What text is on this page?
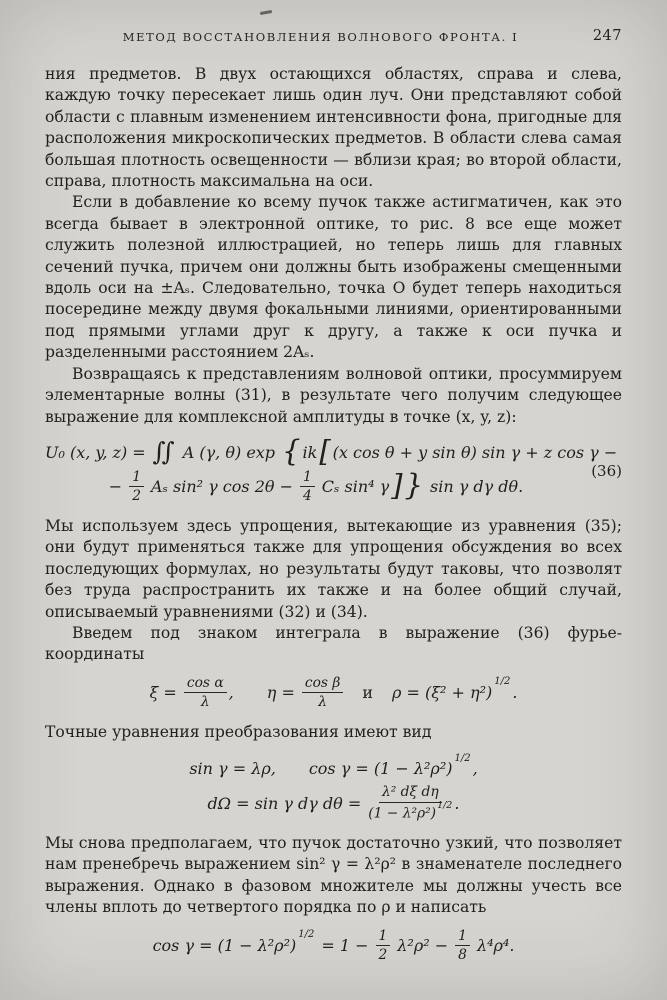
МЕТОД ВОССТАНОВЛЕНИЯ ВОЛНОВОГО ФРОНТА. I	247

ния предметов. В двух остающихся областях, справа и слева, каждую точку пересекает лишь один луч. Они представляют собой области с плавным изменением интенсивности фона, пригодные для расположения микроскопических предметов. В области слева самая большая плотность освещенности — вблизи края; во второй области, справа, плотность максимальна на оси.

Если в добавление ко всему пучок также астигматичен, как это всегда бывает в электронной оптике, то рис. 8 все еще может служить полезной иллюстрацией, но теперь лишь для главных сечений пучка, причем они должны быть изображены смещенными вдоль оси на ±Aₛ. Следовательно, точка O будет теперь находиться посередине между двумя фокальными линиями, ориентированными под прямыми углами друг к другу, а также к оси пучка и разделенными расстоянием 2Aₛ.

Возвращаясь к представлениям волновой оптики, просуммируем элементарные волны (31), в результате чего получим следующее выражение для комплексной амплитуды в точке (x, y, z):

U₀ (x, y, z) = ∫∫ A (γ, θ) exp { ik [ (x cos θ + y sin θ) sin γ + z cos γ −
− $\frac{1}{2}$ Aₛ sin² γ $\cos 2\theta - \frac{1}{4}$ Cₛ sin⁴ γ ] } sin γ dγ dθ.
(36)

Мы используем здесь упрощения, вытекающие из уравнения (35); они будут применяться также для упрощения обсуждения во всех последующих формулах, но результаты будут таковы, что позволят без труда распространить их также и на более общий случай, описываемый уравнениями (32) и (34).

Введем под знаком интеграла в выражение (36) фурье-координаты

$\xi = \frac{\text{cos α}}{\lambda}$ , $\eta = \frac{\text{cos β}}{\lambda}$ и ρ = (ξ² + η²)
$^{1/2}$
.

Точные уравнения преобразования имеют вид

sin γ = λρ, $\cos \gamma = (1 - \lambda^2\rho^2)^{1/2}$ ,
dΩ = sin γ dγ $d\theta = \frac{\text{λ² dξ dη}}{(1 - \lambda^2\rho^2)^{1/2}}$ .

Мы снова предполагаем, что пучок достаточно узкий, что позволяет нам пренебречь выражением sin² γ = λ²ρ² в знаменателе последнего выражения. Однако в фазовом множителе мы должны учесть все члены вплоть до четвертого порядка по ρ и написать

cos γ = (1 − λ²ρ²)
$^{1/2}$
= $1 - \frac{1}{2} \lambda^2\rho^2 - \frac{1}{8} \lambda^4\rho^4$.
